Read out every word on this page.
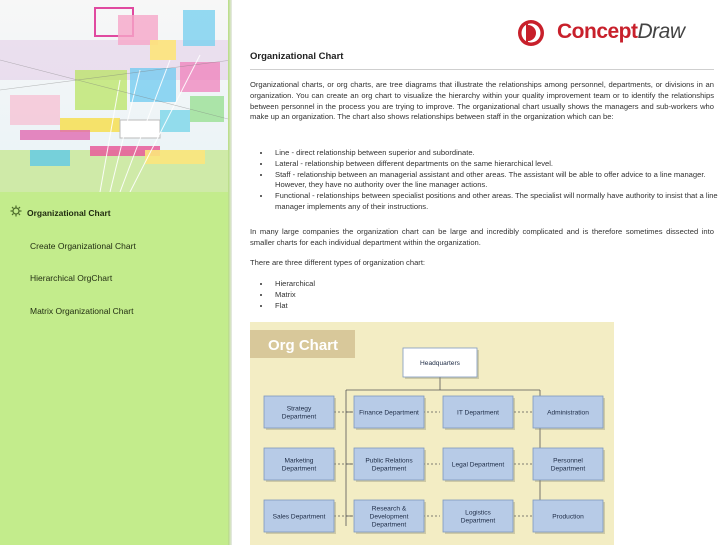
Organizational Chart
Create Organizational Chart
Hierarchical OrgChart
Matrix Organizational Chart
ConceptDraw
Organizational Chart

Organizational charts, or org charts, are tree diagrams that illustrate the relationships among personnel, departments, or divisions in an organization. You can create an org chart to visualize the hierarchy within your quality improvement team or to identify the relationships between personnel in the process you are trying to improve. The organizational chart usually shows the managers and sub-workers who make up an organization. The chart also shows relationships between staff in the organization which can be:

• Line - direct relationship between superior and subordinate.
• Lateral - relationship between different departments on the same hierarchical level.
• Staff - relationship between an managerial assistant and other areas. The assistant will be able to offer advice to a line manager. However, they have no authority over the line manager actions.
• Functional - relationships between specialist positions and other areas. The specialist will normally have authority to insist that a line manager implements any of their instructions.

In many large companies the organization chart can be large and incredibly complicated and is therefore sometimes dissected into smaller charts for each individual department within the organization.

There are three different types of organization chart:

• Hierarchical
• Matrix
• Flat
Org Chart
Headquarters
Strategy Department
Marketing Department
Sales Department
Finance Department
Public Relations Department
Research & Development Department
IT Department
Legal Department
Logistics Department
Administration
Personnel Department
Production
